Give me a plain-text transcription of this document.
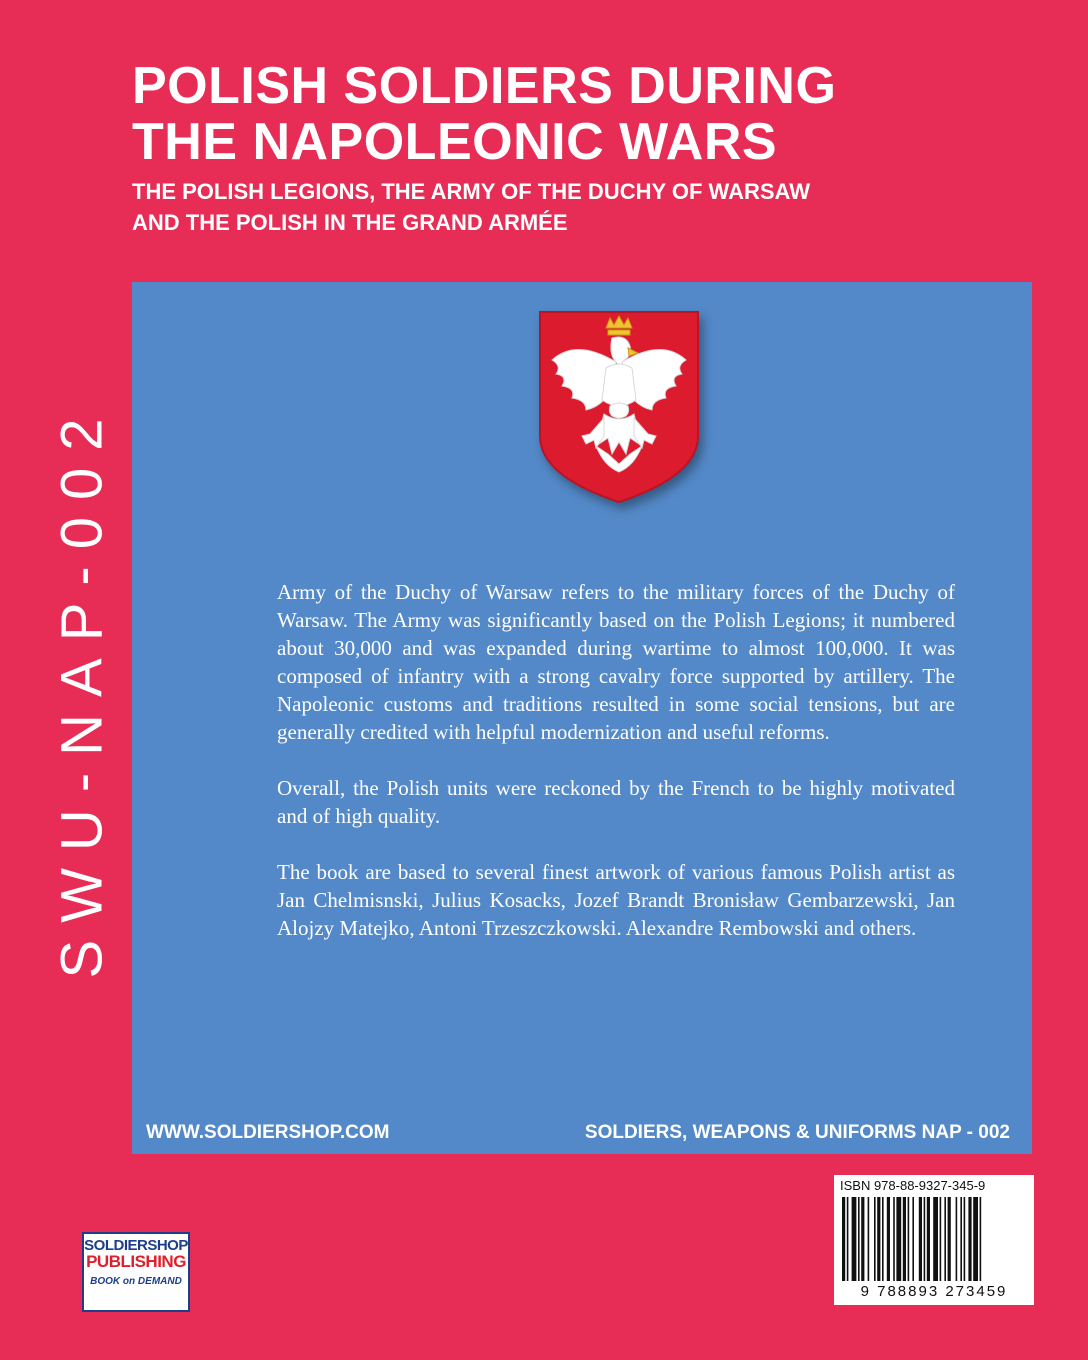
POLISH SOLDIERS DURING
THE NAPOLEONIC WARS
THE POLISH LEGIONS, THE ARMY OF THE DUCHY OF WARSAW
AND THE POLISH IN THE GRAND ARMÉE
SWU-NAP-002	Army of the Duchy of Warsaw refers to the military forces of the Duchy of Warsaw. The Army was significantly based on the Polish Legions; it numbered about 30,000 and was expanded during wartime to almost 100,000. It was composed of infantry with a strong cavalry force supported by artillery. The Napoleonic customs and traditions resulted in some social tensions, but are generally credited with helpful modernization and useful reforms.

Overall, the Polish units were reckoned by the French to be highly motivated and of high quality.

The book are based to several finest artwork of various famous Polish artist as Jan Chelmisnski, Julius Kosacks, Jozef Brandt Bronisław Gembarzewski, Jan Alojzy Matejko, Antoni Trzeszczkowski. Alexandre Rembowski and others.

WWW.SOLDIERSHOP.COM	SOLDIERS, WEAPONS & UNIFORMS NAP - 002
ISBN 978-88-9327-345-9
9 788893 273459
SOLDIERSHOP
PUBLISHING
BOOK on DEMAND
